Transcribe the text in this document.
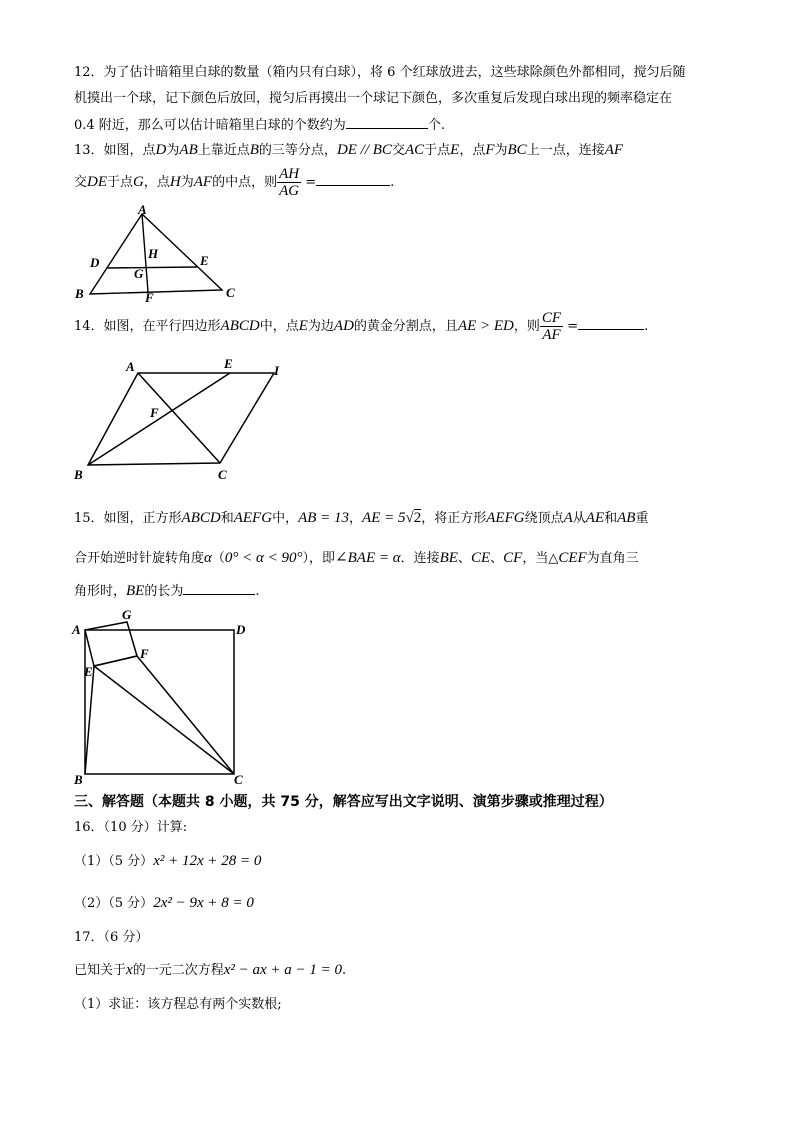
12．为了估计暗箱里白球的数量（箱内只有白球），将 6 个红球放进去，这些球除颜色外都相同，搅匀后随
机摸出一个球，记下颜色后放回，搅匀后再摸出一个球记下颜色，多次重复后发现白球出现的频率稳定在
0.4 附近，那么可以估计暗箱里白球的个数约为	个.
13．如图，点D为AB上靠近点B的三等分点，DE // BC交AC于点E，点F为BC上一点，连接AF
交DE于点G，点H为AF的中点，则 $\frac{AH}{AG}$ =	.
A
H
D	E
G
B	F	C
14．如图，在平行四边形ABCD中，点E为边AD的黄金分割点，且AE > ED，则 $\frac{CF}{AF}$ =	.
A	E	I
F
B	C
15．如图，正方形ABCD和AEFG中，AB = 13，AE = 5√2，将正方形AEFG绕顶点A从AE和AB重
合开始逆时针旋转角度α（0° < α < 90°），即∠BAE = α．连接BE、CE、CF，当△CEF为直角三
角形时，BE的长为	.
A
G
D
F
E
B	C
三、解答题（本题共 8 小题，共 75 分，解答应写出文字说明、演第步骤或推理过程）
16．（10 分）计算:
（1）（5 分）x² + 12x + 28 = 0
（2）（5 分）2x² − 9x + 8 = 0
17．（6 分）
已知关于x的一元二次方程x² − ax + a − 1 = 0.
（1）求证：该方程总有两个实数根;
